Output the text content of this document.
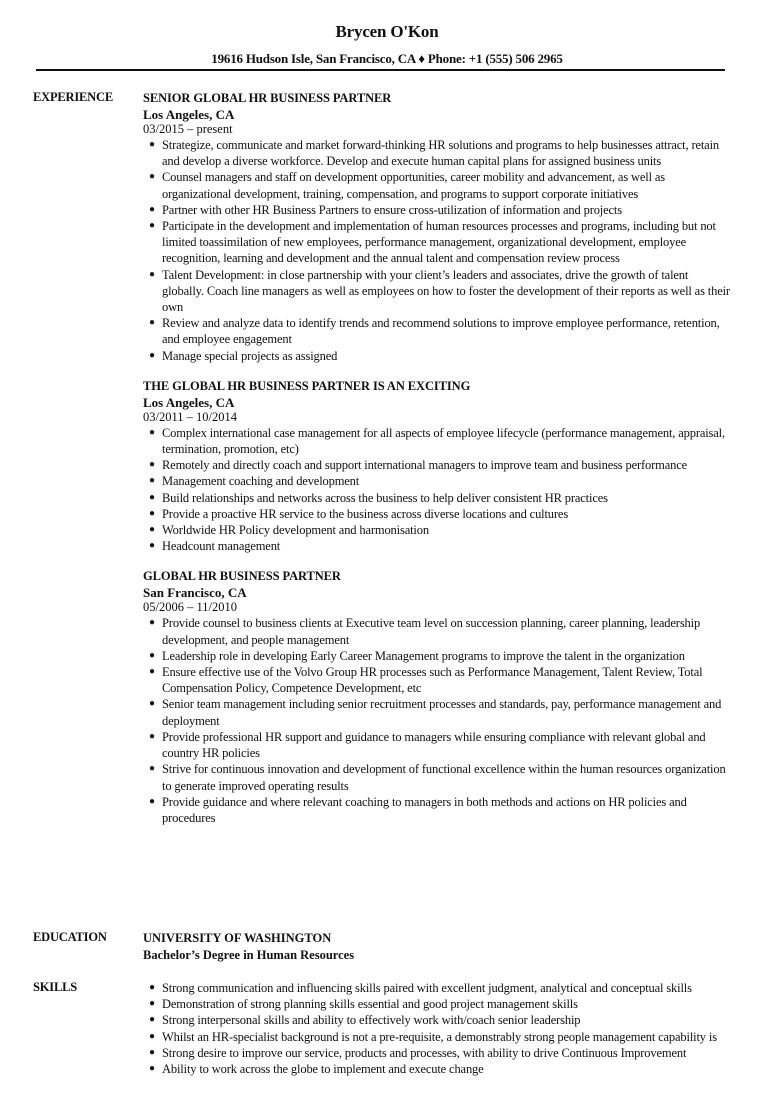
Brycen O'Kon
19616 Hudson Isle, San Francisco, CA ♦ Phone: +1 (555) 506 2965
EXPERIENCE SENIOR GLOBAL HR BUSINESS PARTNER
Los Angeles, CA
03/2015 – present
● Strategize, communicate and market forward-thinking HR solutions and programs to help businesses attract, retain and develop a diverse workforce. Develop and execute human capital plans for assigned business units
● Counsel managers and staff on development opportunities, career mobility and advancement, as well as organizational development, training, compensation, and programs to support corporate initiatives
● Partner with other HR Business Partners to ensure cross-utilization of information and projects
● Participate in the development and implementation of human resources processes and programs, including but not limited toassimilation of new employees, performance management, organizational development, employee recognition, learning and development and the annual talent and compensation review process
● Talent Development: in close partnership with your client’s leaders and associates, drive the growth of talent globally. Coach line managers as well as employees on how to foster the development of their reports as well as their own
● Review and analyze data to identify trends and recommend solutions to improve employee performance, retention, and employee engagement
● Manage special projects as assigned
THE GLOBAL HR BUSINESS PARTNER IS AN EXCITING
Los Angeles, CA
03/2011 – 10/2014
● Complex international case management for all aspects of employee lifecycle (performance management, appraisal, termination, promotion, etc)
● Remotely and directly coach and support international managers to improve team and business performance
● Management coaching and development
● Build relationships and networks across the business to help deliver consistent HR practices
● Provide a proactive HR service to the business across diverse locations and cultures
● Worldwide HR Policy development and harmonisation
● Headcount management
GLOBAL HR BUSINESS PARTNER
San Francisco, CA
05/2006 – 11/2010
● Provide counsel to business clients at Executive team level on succession planning, career planning, leadership development, and people management
● Leadership role in developing Early Career Management programs to improve the talent in the organization
● Ensure effective use of the Volvo Group HR processes such as Performance Management, Talent Review, Total Compensation Policy, Competence Development, etc
● Senior team management including senior recruitment processes and standards, pay, performance management and deployment
● Provide professional HR support and guidance to managers while ensuring compliance with relevant global and country HR policies
● Strive for continuous innovation and development of functional excellence within the human resources organization to generate improved operating results
● Provide guidance and where relevant coaching to managers in both methods and actions on HR policies and procedures
EDUCATION	UNIVERSITY OF WASHINGTON
Bachelor’s Degree in Human Resources
SKILLS	● Strong communication and influencing skills paired with excellent judgment, analytical and conceptual skills
● Demonstration of strong planning skills essential and good project management skills
● Strong interpersonal skills and ability to effectively work with/coach senior leadership
● Whilst an HR-specialist background is not a pre-requisite, a demonstrably strong people management capability is
● Strong desire to improve our service, products and processes, with ability to drive Continuous Improvement
● Ability to work across the globe to implement and execute change
